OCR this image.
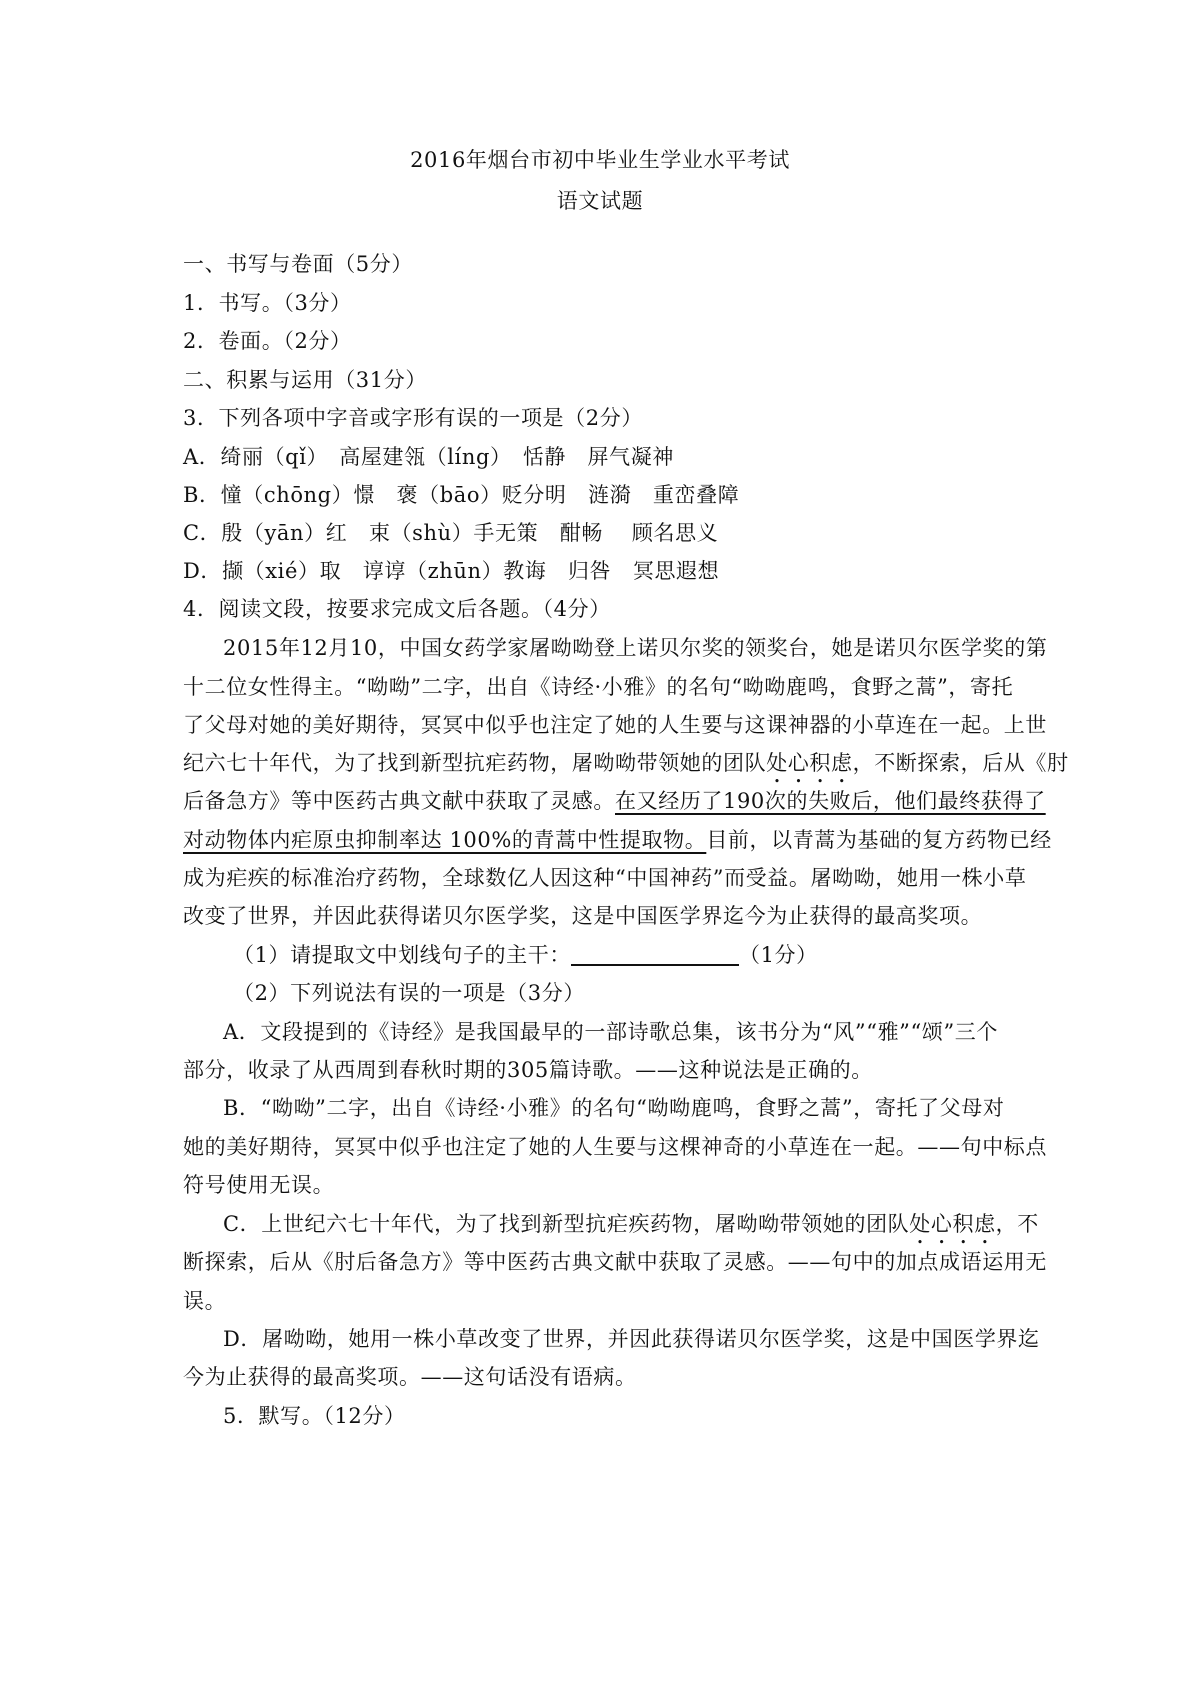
2016年烟台市初中毕业生学业水平考试
语文试题
一、书写与卷面（5分）
1．书写。（3分）
2．卷面。（2分）
二、积累与运用（31分）
3．下列各项中字音或字形有误的一项是（2分）
A．绮丽（qǐ）　高屋建瓴（líng）　恬静　屏气凝神
B．憧（chōng）憬　褒（bāo）贬分明　涟漪　重峦叠障
C．殷（yān）红　束（shù）手无策　酣畅　 顾名思义
D．撷（xié）取　谆谆（zhūn）教诲　归咎　冥思遐想
4．阅读文段，按要求完成文后各题。（4分）
2015年12月10，中国女药学家屠呦呦登上诺贝尔奖的领奖台，她是诺贝尔医学奖的第
十二位女性得主。“呦呦”二字，出自《诗经·小雅》的名句“呦呦鹿鸣，食野之蒿”，寄托
了父母对她的美好期待，冥冥中似乎也注定了她的人生要与这课神器的小草连在一起。上世
纪六七十年代，为了找到新型抗疟药物，屠呦呦带领她的团队处心积虑，不断探索，后从《肘
后备急方》等中医药古典文献中获取了灵感。在又经历了190次的失败后，他们最终获得了
对动物体内疟原虫抑制率达 100%的青蒿中性提取物。目前，以青蒿为基础的复方药物已经
成为疟疾的标准治疗药物，全球数亿人因这种“中国神药”而受益。屠呦呦，她用一株小草
改变了世界，并因此获得诺贝尔医学奖，这是中国医学界迄今为止获得的最高奖项。
（1）请提取文中划线句子的主干：	（1分）
（2）下列说法有误的一项是（3分）
A．文段提到的《诗经》是我国最早的一部诗歌总集，该书分为“风”“雅”“颂”三个
部分，收录了从西周到春秋时期的305篇诗歌。——这种说法是正确的。
B．“呦呦”二字，出自《诗经·小雅》的名句“呦呦鹿鸣，食野之蒿”，寄托了父母对
她的美好期待，冥冥中似乎也注定了她的人生要与这棵神奇的小草连在一起。——句中标点
符号使用无误。
C．上世纪六七十年代，为了找到新型抗疟疾药物，屠呦呦带领她的团队处心积虑，不
断探索，后从《肘后备急方》等中医药古典文献中获取了灵感。——句中的加点成语运用无
误。
D．屠呦呦，她用一株小草改变了世界，并因此获得诺贝尔医学奖，这是中国医学界迄
今为止获得的最高奖项。——这句话没有语病。
5．默写。（12分）
